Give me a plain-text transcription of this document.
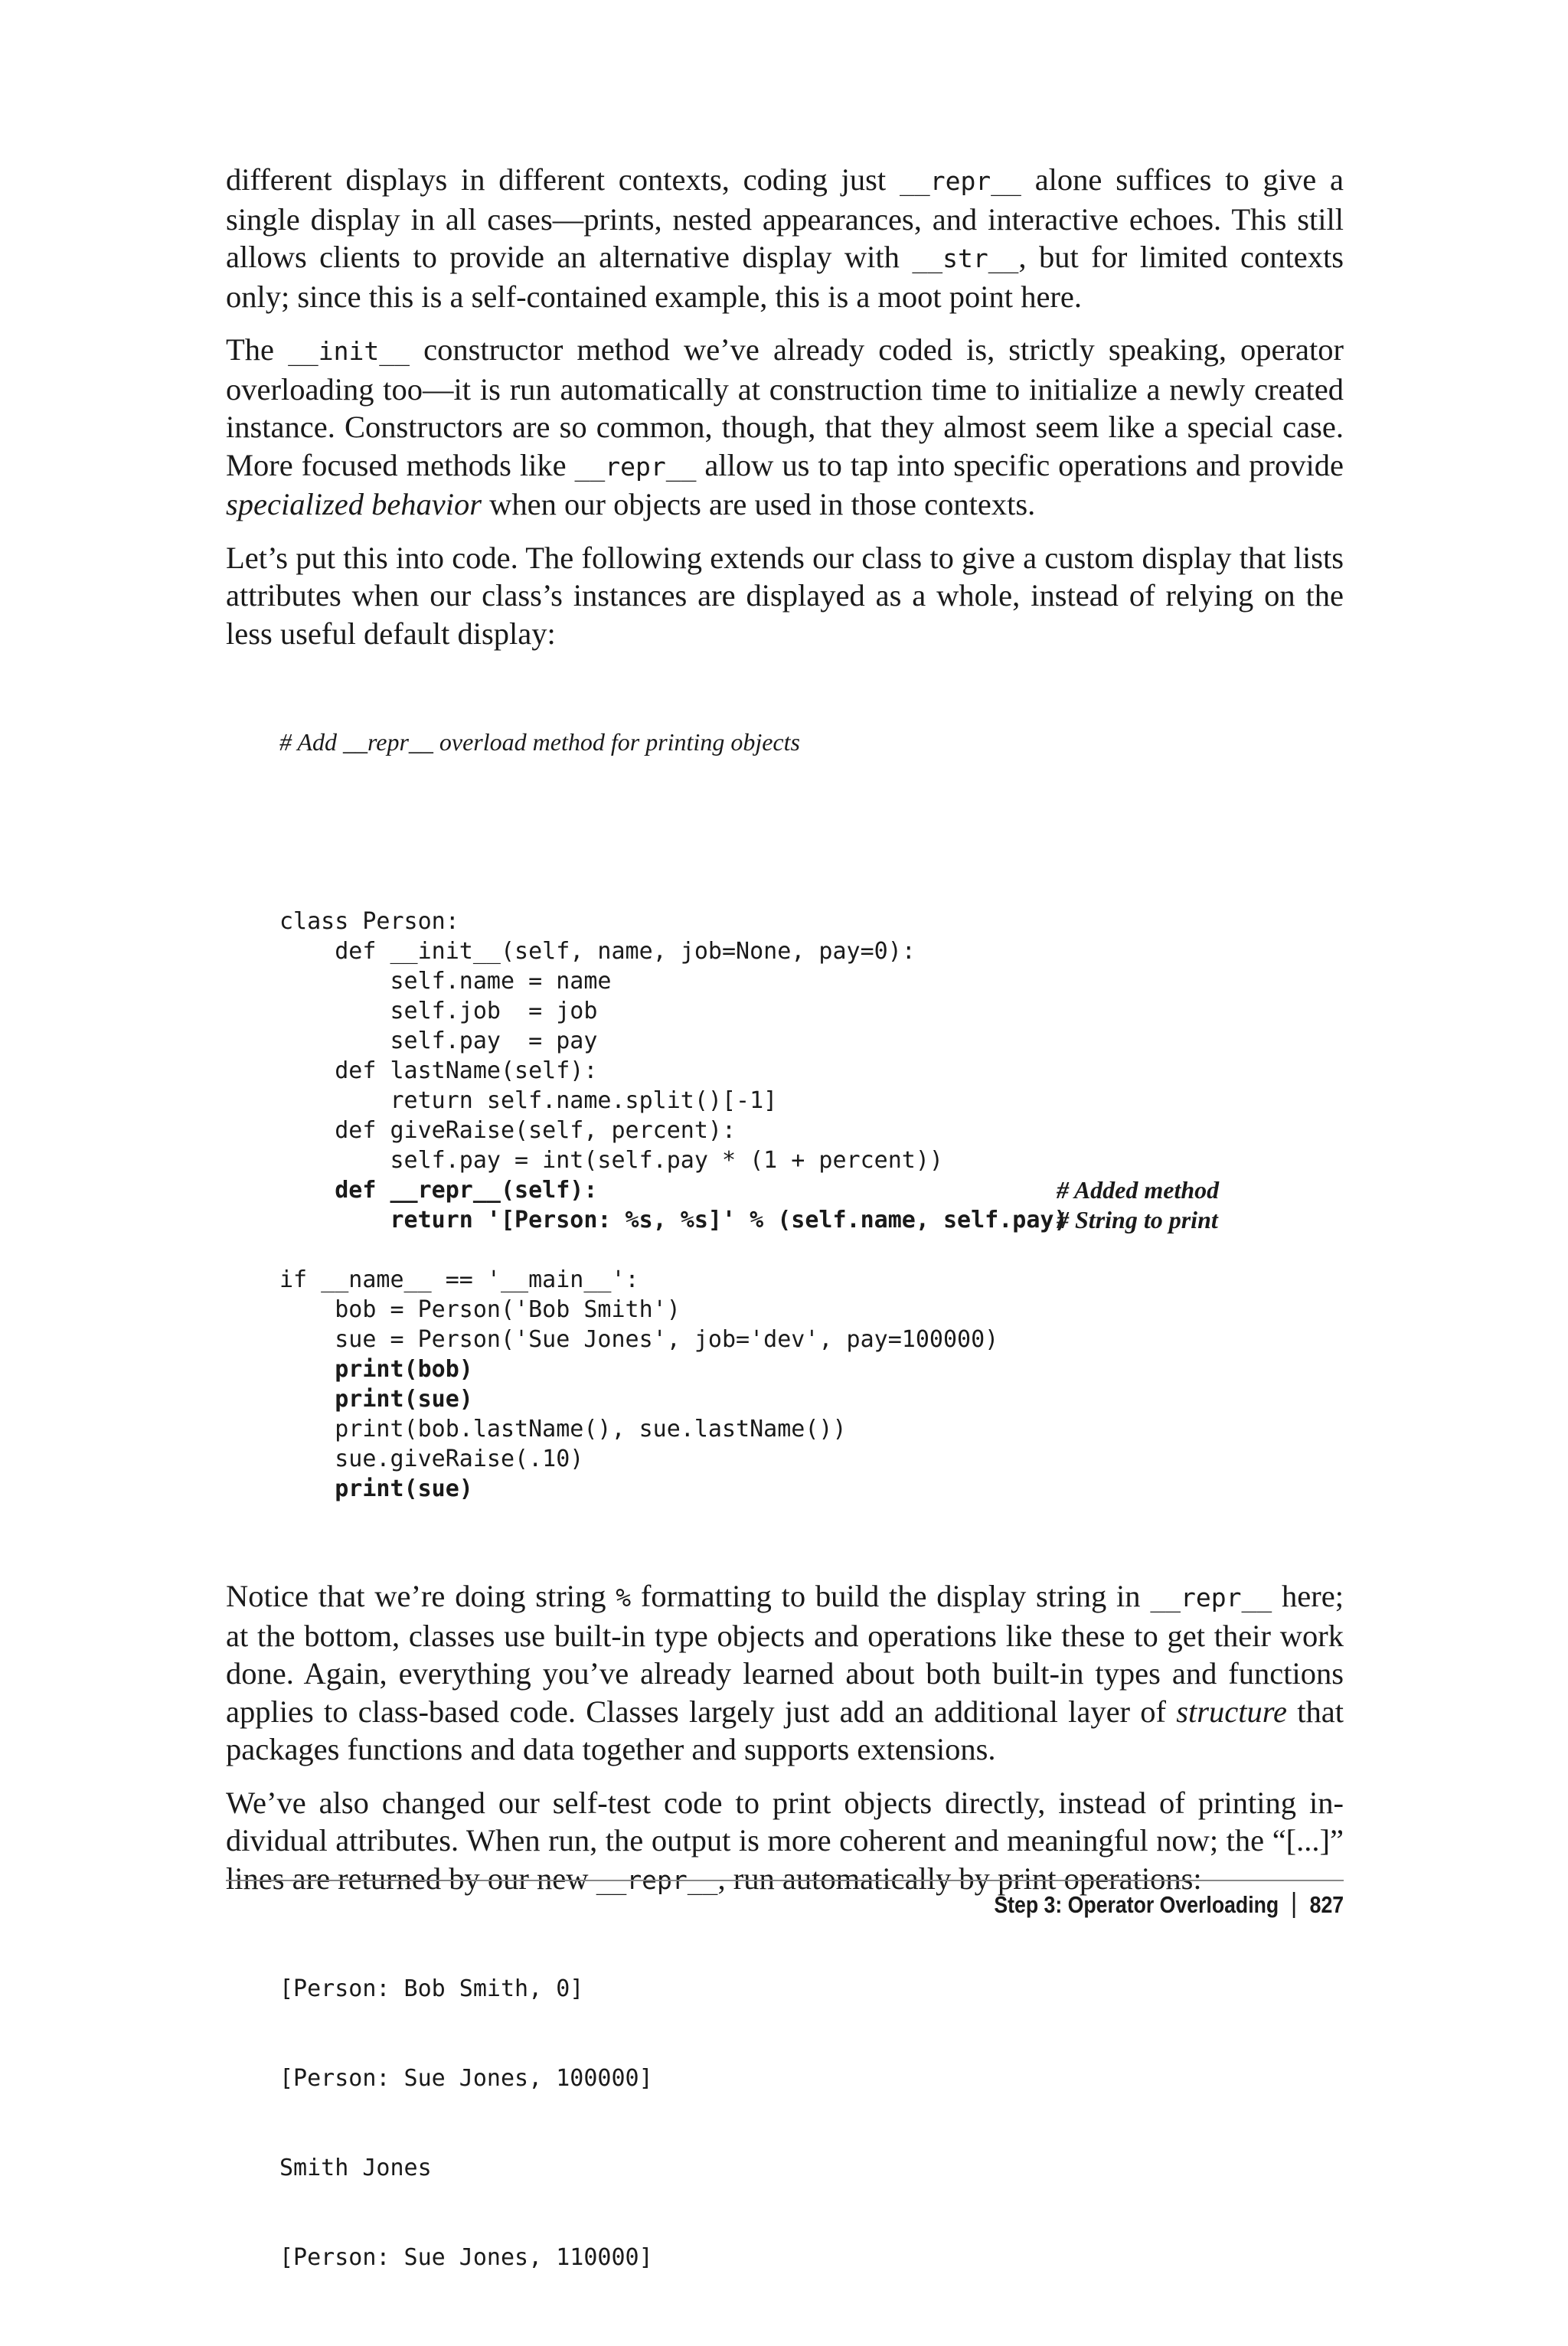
different displays in different contexts, coding just __repr__ alone suffices to give a single display in all cases—prints, nested appearances, and interactive echoes. This still allows clients to provide an alternative display with __str__, but for limited contexts only; since this is a self-contained example, this is a moot point here.

The __init__ constructor method we’ve already coded is, strictly speaking, operator overloading too—it is run automatically at construction time to initialize a newly created instance. Constructors are so common, though, that they almost seem like a special case. More focused methods like __repr__ allow us to tap into specific operations and provide specialized behavior when our objects are used in those contexts.

Let’s put this into code. The following extends our class to give a custom display that lists attributes when our class’s instances are displayed as a whole, instead of relying on the less useful default display:

# Add __repr__ overload method for printing objects

class Person:
def __init__(self, name, job=None, pay=0):
self.name = name
self.job  = job
self.pay  = pay
def lastName(self):
return self.name.split()[-1]
def giveRaise(self, percent):
self.pay = int(self.pay * (1 + percent))
def __repr__(self):	# Added method
return '[Person: %s, %s]' % (self.name, self.pay)
# String to print
if __name__ == '__main__':
bob = Person('Bob Smith')
sue = Person('Sue Jones', job='dev', pay=100000)
print(bob)
print(sue)
print(bob.lastName(), sue.lastName())
sue.giveRaise(.10)
print(sue)

Notice that we’re doing string % formatting to build the display string in __repr__ here; at the bottom, classes use built-in type objects and operations like these to get their work done. Again, everything you’ve already learned about both built-in types and functions applies to class-based code. Classes largely just add an additional layer of structure that packages functions and data together and supports extensions.

We’ve also changed our self-test code to print objects directly, instead of printing individual attributes. When run, the output is more coherent and meaningful now; the “[...]” lines are returned by our new __repr__, run automatically by print operations:

[Person: Bob Smith, 0]

[Person: Sue Jones, 100000]

Smith Jones

[Person: Sue Jones, 110000]

Step 3: Operator Overloading 827
